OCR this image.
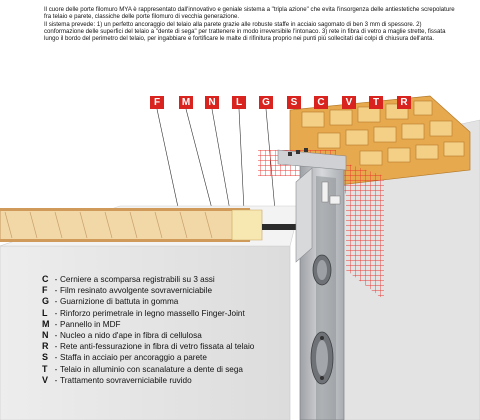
Il cuore delle porte filomuro MYA è rappresentato dall'innovativo e geniale sistema a "tripla azione" che evita l'insorgenza delle antiestetiche screpolature fra telaio e parete, classiche delle porte filomuro di vecchia generazione.

Il sistema prevede: 1) un perfetto ancoraggio del telaio alla parete grazie alle robuste staffe in acciaio sagomato di ben 3 mm di spessore. 2) conformazione delle superfici del telaio a "dente di sega" per trattenere in modo irreversibile l'intonaco. 3) rete in fibra di vetro a maglie strette, fissata lungo il bordo del perimetro del telaio, per ingabbiare e fortificare le malte di rifinitura proprio nei punti più sollecitati dai colpi di chiusura dell'anta.

F	M	N	L	G	S	C	V	T	R
C - Cerniere a scomparsa registrabili su 3 assi
F - Film resinato avvolgente sovraverniciabile
G - Guarnizione di battuta in gomma
L - Rinforzo perimetrale in legno massello Finger-Joint
M - Pannello in MDF
N - Nucleo a nido d'ape in fibra di cellulosa
R - Rete anti-fessurazione in fibra di vetro fissata al telaio
S - Staffa in acciaio per ancoraggio a parete
T - Telaio in alluminio con scanalature a dente di sega
V - Trattamento sovraverniciabile ruvido
